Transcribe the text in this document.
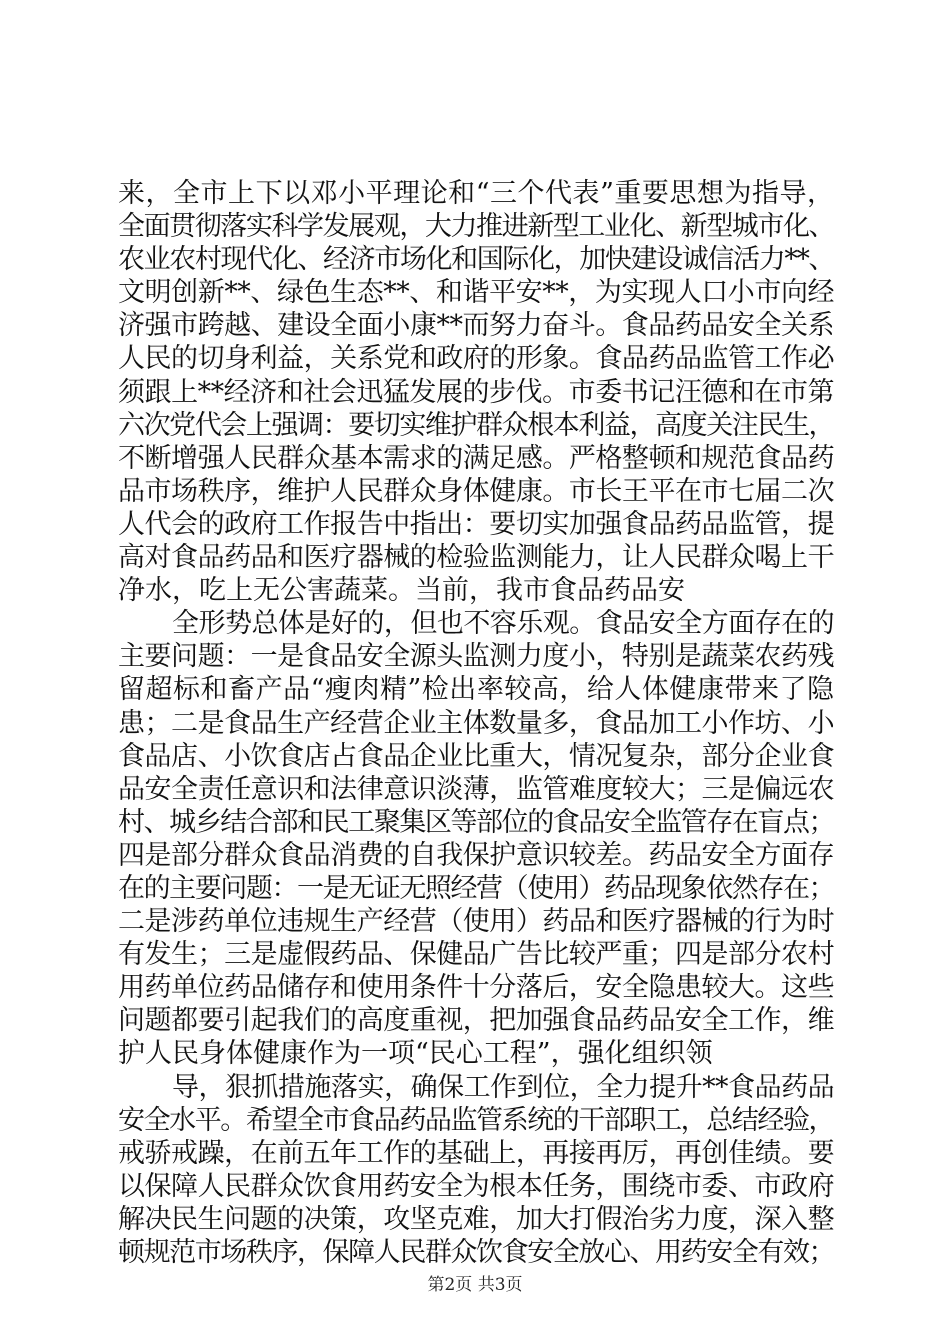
来，全市上下以邓小平理论和“三个代表”重要思想为指导，
全面贯彻落实科学发展观，大力推进新型工业化、新型城市化、
农业农村现代化、经济市场化和国际化，加快建设诚信活力**、
文明创新**、绿色生态**、和谐平安**，为实现人口小市向经
济强市跨越、建设全面小康**而努力奋斗。食品药品安全关系
人民的切身利益，关系党和政府的形象。食品药品监管工作必
须跟上**经济和社会迅猛发展的步伐。市委书记汪德和在市第
六次党代会上强调：要切实维护群众根本利益，高度关注民生，
不断增强人民群众基本需求的满足感。严格整顿和规范食品药
品市场秩序，维护人民群众身体健康。市长王平在市七届二次
人代会的政府工作报告中指出：要切实加强食品药品监管，提
高对食品药品和医疗器械的检验监测能力，让人民群众喝上干
净水，吃上无公害蔬菜。当前，我市食品药品安
全形势总体是好的，但也不容乐观。食品安全方面存在的
主要问题：一是食品安全源头监测力度小，特别是蔬菜农药残
留超标和畜产品“瘦肉精”检出率较高，给人体健康带来了隐
患；二是食品生产经营企业主体数量多，食品加工小作坊、小
食品店、小饮食店占食品企业比重大，情况复杂，部分企业食
品安全责任意识和法律意识淡薄，监管难度较大；三是偏远农
村、城乡结合部和民工聚集区等部位的食品安全监管存在盲点；
四是部分群众食品消费的自我保护意识较差。药品安全方面存
在的主要问题：一是无证无照经营（使用）药品现象依然存在；
二是涉药单位违规生产经营（使用）药品和医疗器械的行为时
有发生；三是虚假药品、保健品广告比较严重；四是部分农村
用药单位药品储存和使用条件十分落后，安全隐患较大。这些
问题都要引起我们的高度重视，把加强食品药品安全工作，维
护人民身体健康作为一项“民心工程”，强化组织领
导，狠抓措施落实，确保工作到位，全力提升**食品药品
安全水平。希望全市食品药品监管系统的干部职工，总结经验，
戒骄戒躁，在前五年工作的基础上，再接再厉，再创佳绩。要
以保障人民群众饮食用药安全为根本任务，围绕市委、市政府
解决民生问题的决策，攻坚克难，加大打假治劣力度，深入整
顿规范市场秩序，保障人民群众饮食安全放心、用药安全有效；
第2页 共3页
